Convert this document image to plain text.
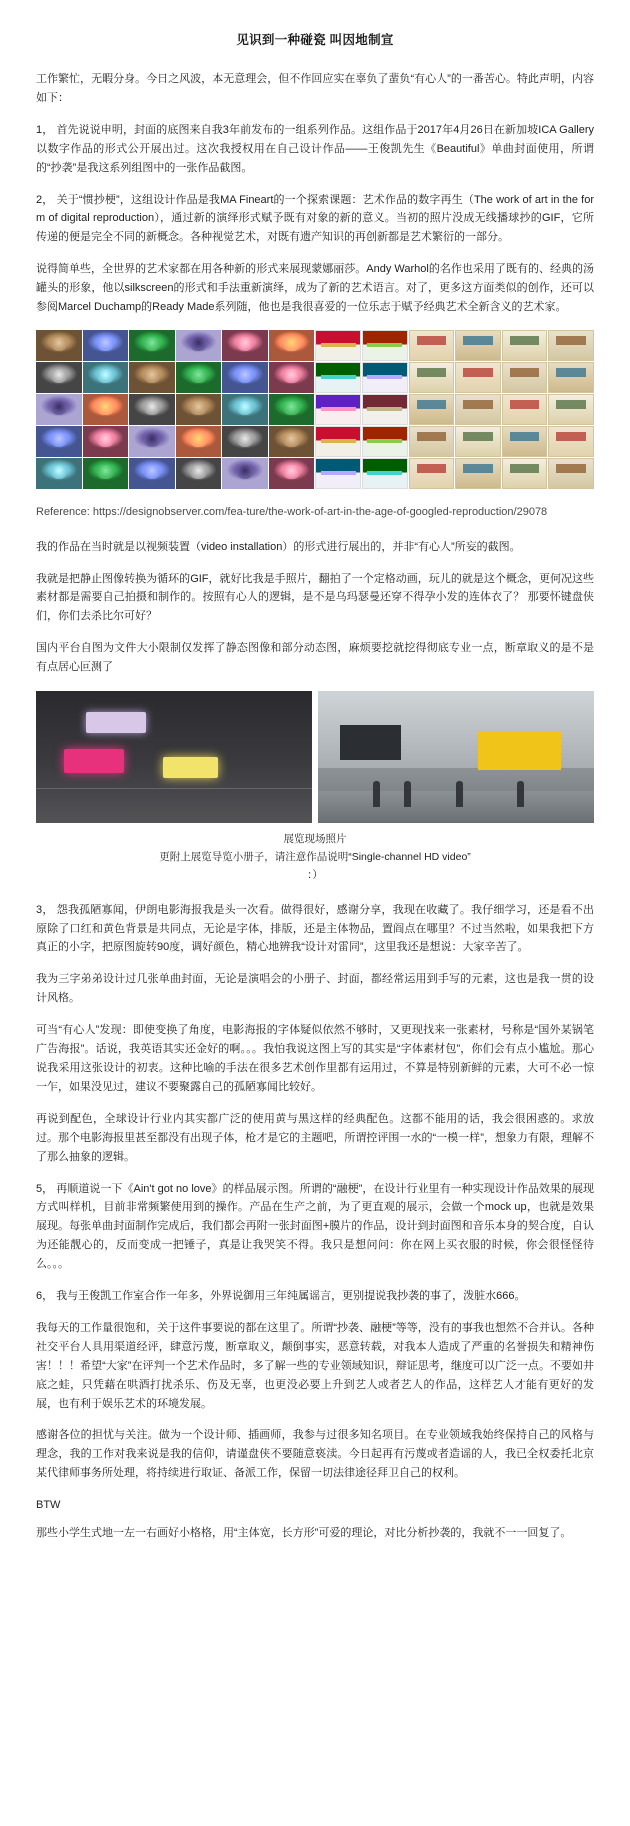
见识到一种碰瓷 叫因地制宣

工作繁忙，无暇分身。今日之风波，本无意理会，但不作回应实在辜负了蜚负“有心人”的一番苦心。特此声明，内容如下：

1， 首先说说申明，封面的底图来自我3年前发布的一组系列作品。这组作品于2017年4月26日在新加坡ICA Gallery以数字作品的形式公开展出过。这次我授权用在自己设计作品——王俊凯先生《Beautiful》单曲封面使用，所谓的“抄袭”是我这系列组图中的一张作品截图。

2， 关于“惯抄梗”，这组设计作品是我MA Fineart的一个探索课题：艺术作品的数字再生（The work of art in the form of digital reproduction），通过新的演绎形式赋予既有对象的新的意义。当初的照片没成无线播球抄的GIF，它所传递的便是完全不同的新概念。各种视觉艺术，对既有遗产知识的再创新都是艺术繁衍的一部分。

说得简单些，全世界的艺术家都在用各种新的形式来展现蒙娜丽莎。Andy Warhol的名作也采用了既有的、经典的汤罐头的形象，他以silkscreen的形式和手法重新演绎，成为了新的艺术语言。对了，更多这方面类似的创作，还可以参阅Marcel Duchamp的Ready Made系列随，他也是我很喜爱的一位乐志于赋予经典艺术全新含义的艺术家。

Reference: https://designobserver.com/fea-ture/the-work-of-art-in-the-age-of-googled-reproduction/29078

我的作品在当时就是以视频装置（video installation）的形式进行展出的，并非“有心人”所妄的截图。

我就是把静止图像转换为循环的GIF，就好比我是手照片，翻拍了一个定格动画，玩儿的就是这个概念，更何况这些素材都是需要自己拍摄和制作的。按照有心人的逻辑，是不是乌玛瑟曼还穿不得孕小发的连体衣了？ 那要怀键盘侠们，你们去杀比尔可好？

国内平台自图为文件大小限制仅发挥了静态图像和部分动态图，麻烦要挖就挖得彻底专业一点，断章取义的是不是有点居心叵测了

展览现场照片
更附上展览导览小册子，请注意作品说明“Single-channel HD video”
：）

3， 怨我孤陋寡闻，伊朗电影海报我是头一次看。做得很好，感谢分享，我现在收藏了。我仔细学习，还是看不出原除了口红和黄色背景是共同点，无论是字体，排版，还是主体物品，置阎点在哪里？不过当然啦，如果我把下方真正的小字，把原图旋转90度，调好颜色，精心地辨我“设计对雷同”，这里我还是想说：大家辛苦了。

我为三字弟弟设计过几张单曲封面，无论是演唱会的小册子、封面，都经常运用到手写的元素，这也是我一贯的设计风格。

可当“有心人”发现：即使变换了角度，电影海报的字体疑似依然不够时，又更现找来一张素材，号称是“国外某锅笔广告海报”。话说，我英语其实还金好的啊。。。我怕我说这图上写的其实是“字体素材包”，你们会有点小尴尬。那心说我采用这张设计的初衷。这种比喻的手法在很多艺术创作里都有运用过，不算是特别新鲜的元素，大可不必一惊一乍，如果没见过，建议不要聚露自己的孤陋寡闻比较好。

再说到配色，全球设计行业内其实都广泛的使用黄与黑这样的经典配色。这都不能用的话，我会很困惑的。求放过。那个电影海报里甚至都没有出现子体，枪才是它的主题吧，所谓控评围一水的“一模一样”，想象力有限，理解不了那么抽象的逻辑。

5， 再顺道说一下《Ain't got no love》的样品展示图。所谓的“融梗”，在设计行业里有一种实现设计作品效果的展现方式叫样机，目前非常频繁使用到的操作。产品在生产之前，为了更直观的展示，会做一个mock up，也就是效果展现。每张单曲封面制作完成后，我们都会再附一张封面图+膜片的作品，设计到封面图和音乐本身的契合度，自认为还能靓心的，反而变成一把锤子，真是让我哭笑不得。我只是想问问：你在网上买衣服的时候，你会很怪怪待么。。。

6， 我与王俊凯工作室合作一年多，外界说御用三年纯属谣言，更别提说我抄袭的事了，泼脏水666。

我每天的工作量很饱和，关于这件事要说的都在这里了。所谓“抄袭、融梗”等等，没有的事我也想然不合并认。各种社交平台人具用渠道经评，肆意污蔑，断章取义，颠倒事实，恶意转载，对我本人造成了严重的名誉损失和精神伤害！！！希望“大家”在评判一个艺术作品时，多了解一些的专业领域知识，辩证思考，继度可以广泛一点。不要如井底之蛙，只凭藉在哄酒打扰杀乐、伤及无辜，也更没必要上升到艺人或者艺人的作品，这样艺人才能有更好的发展，也有利于娱乐艺术的环境发展。

感谢各位的担忧与关注。做为一个设计师、插画师，我参与过很多知名项目。在专业领域我始终保持自己的风格与理念，我的工作对我来说是我的信仰，请谨盘侠不要随意亵渎。今日起再有污蔑或者造谣的人，我已全权委托北京某代律师事务所处理，将持续进行取证、备派工作，保留一切法律途径拜卫自己的权利。

BTW

那些小学生式地一左一右画好小格格，用“主体宽，长方形”可爱的理论，对比分析抄袭的，我就不一一回复了。
